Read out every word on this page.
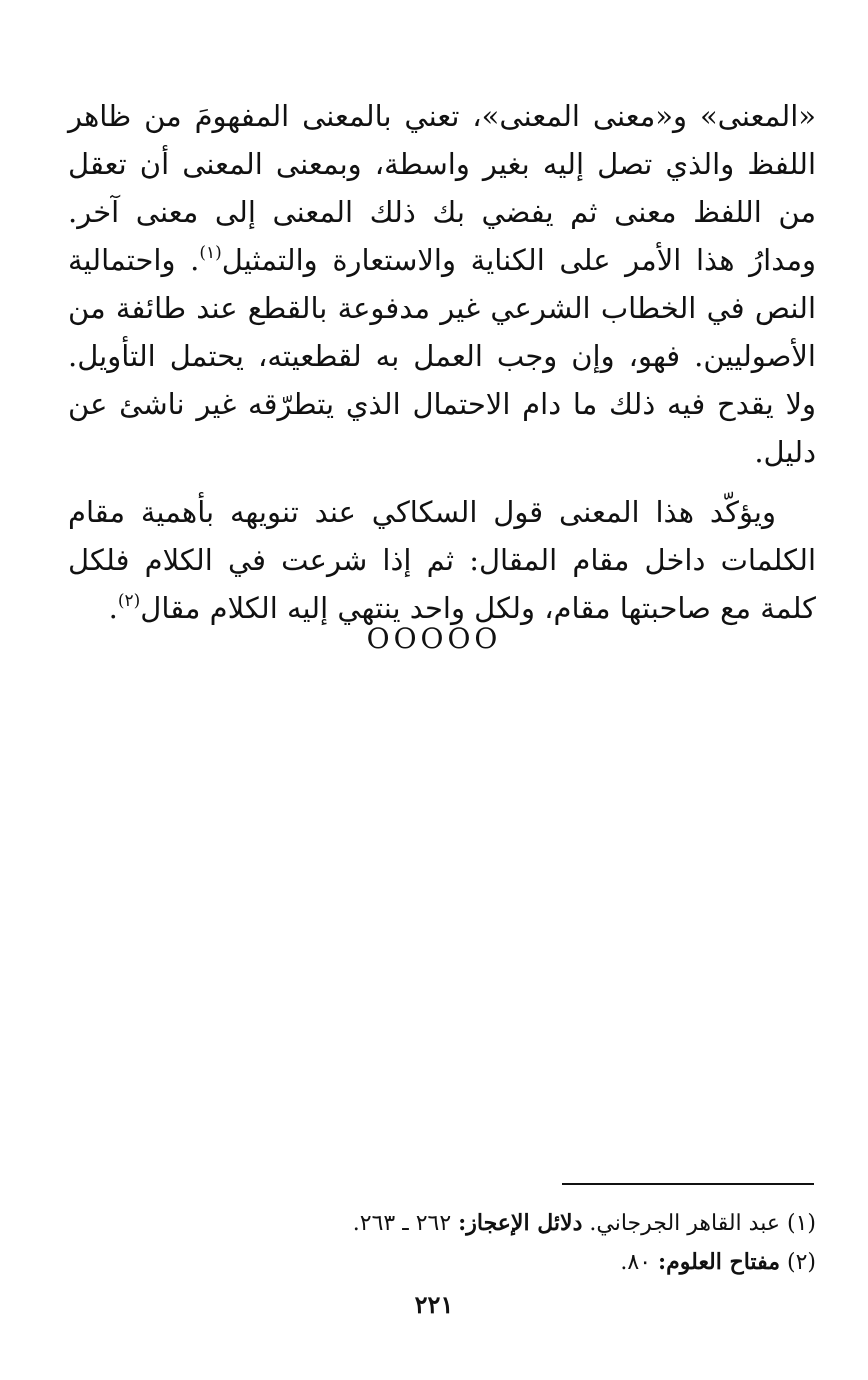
«المعنى» و«معنى المعنى»، تعني بالمعنى المفهومَ من ظاهر اللفظ والذي تصل إليه بغير واسطة، وبمعنى المعنى أن تعقل من اللفظ معنى ثم يفضي بك ذلك المعنى إلى معنى آخر. ومدارُ هذا الأمر على الكناية والاستعارة والتمثيل$^{(١)}$. واحتمالية النص في الخطاب الشرعي غير مدفوعة بالقطع عند طائفة من الأصوليين. فهو، وإن وجب العمل به لقطعيته، يحتمل التأويل. ولا يقدح فيه ذلك ما دام الاحتمال الذي يتطرّقه غير ناشئ عن دليل.

ويؤكّد هذا المعنى قول السكاكي عند تنويهه بأهمية مقام الكلمات داخل مقام المقال: ثم إذا شرعت في الكلام فلكل كلمة مع صاحبتها مقام، ولكل واحد ينتهي إليه الكلام مقال$^{(٢)}$.

OOOOO

(١) عبد القاهر الجرجاني. دلائل الإعجاز: ٢٦٢ ـ ٢٦٣.

(٢) مفتاح العلوم: ٨٠.

٢٢١
